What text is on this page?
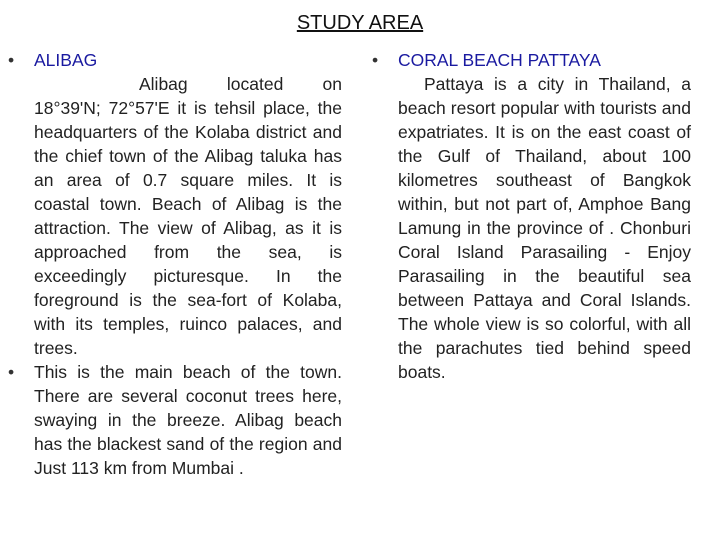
STUDY AREA
•	ALIBAG
Alibag located on 18°39'N; 72°57'E it is tehsil place, the headquarters of the Kolaba district and the chief town of the Alibag taluka has an area of 0.7 square miles. It is coastal town. Beach of Alibag is the attraction. The view of Alibag, as it is approached from the sea, is exceedingly picturesque. In the foreground is the sea-fort of Kolaba, with its temples, ruinco palaces, and trees.
•	This is the main beach of the town. There are several coconut trees here, swaying in the breeze. Alibag beach has the blackest sand of the region and Just 113 km from Mumbai .
•	CORAL BEACH PATTAYA
Pattaya is a city in Thailand, a beach resort popular with tourists and expatriates. It is on the east coast of the Gulf of Thailand, about 100 kilometres southeast of Bangkok within, but not part of, Amphoe Bang Lamung in the province of . Chonburi Coral Island Parasailing - Enjoy Parasailing in the beautiful sea between Pattaya and Coral Islands. The whole view is so colorful, with all the parachutes tied behind speed boats.
